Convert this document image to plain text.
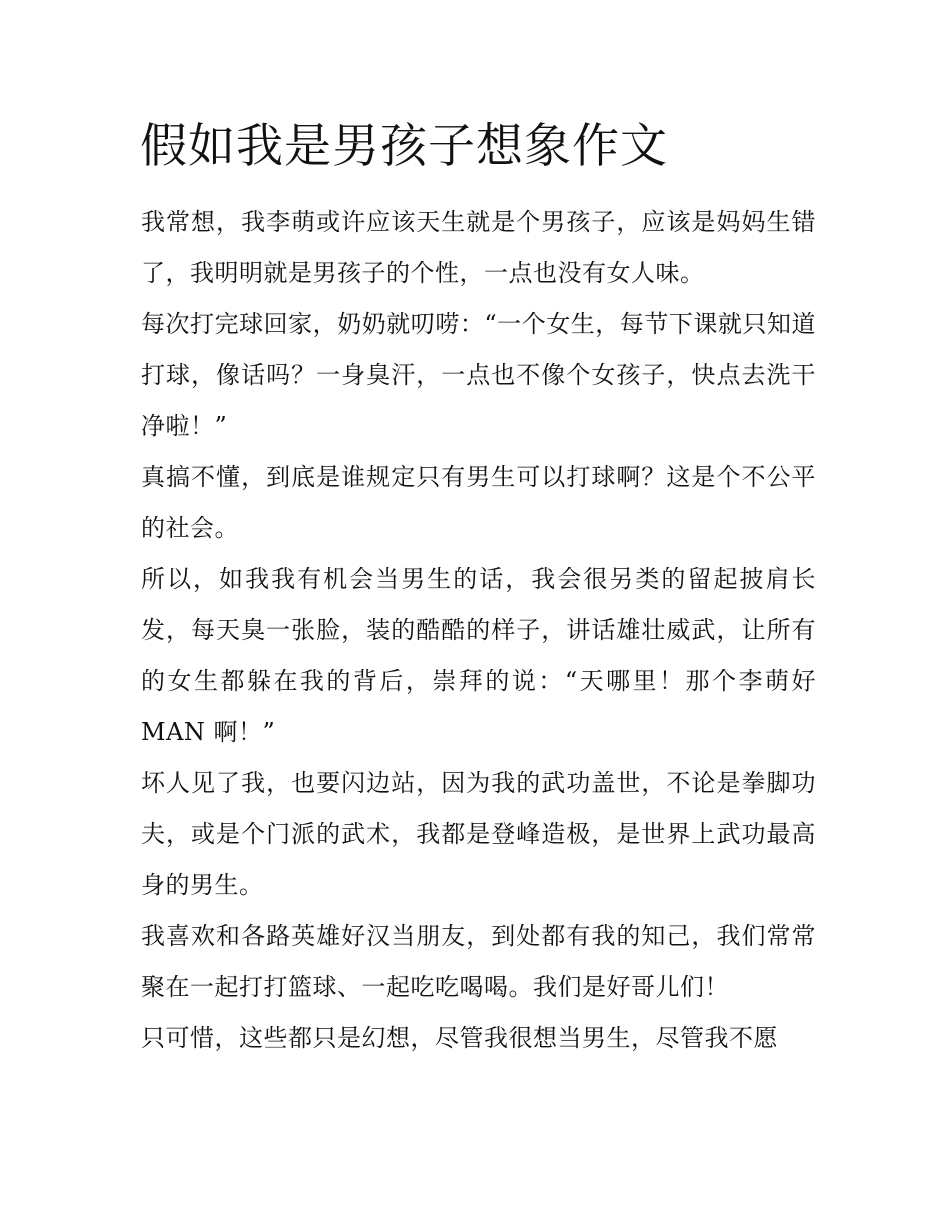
假如我是男孩子想象作文

我常想，我李萌或许应该天生就是个男孩子，应该是妈妈生错了，我明明就是男孩子的个性，一点也没有女人味。

每次打完球回家，奶奶就叨唠：“一个女生，每节下课就只知道打球，像话吗？一身臭汗，一点也不像个女孩子，快点去洗干净啦！”

真搞不懂，到底是谁规定只有男生可以打球啊？这是个不公平的社会。

所以，如我我有机会当男生的话，我会很另类的留起披肩长发，每天臭一张脸，装的酷酷的样子，讲话雄壮威武，让所有的女生都躲在我的背后，崇拜的说：“天哪里！那个李萌好MAN 啊！”

坏人见了我，也要闪边站，因为我的武功盖世，不论是拳脚功夫，或是个门派的武术，我都是登峰造极，是世界上武功最高身的男生。

我喜欢和各路英雄好汉当朋友，到处都有我的知己，我们常常聚在一起打打篮球、一起吃吃喝喝。我们是好哥儿们！

只可惜，这些都只是幻想，尽管我很想当男生，尽管我不愿
